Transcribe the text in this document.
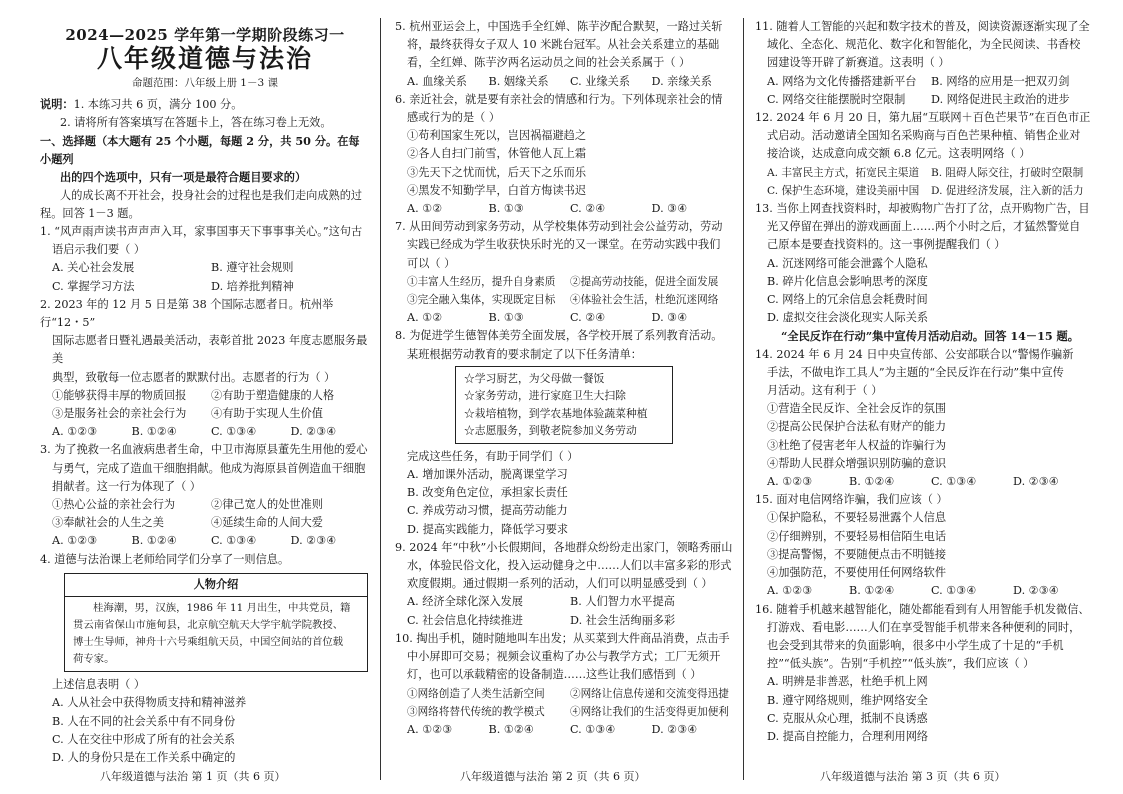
2024—2025 学年第一学期阶段练习一
八年级道德与法治
命题范围：八年级上册 1－3 课
说明：1. 本练习共 6 页，满分 100 分。
2. 请将所有答案填写在答题卡上，答在练习卷上无效。
一、选择题（本大题有 25 个小题，每题 2 分，共 50 分。在每小题列
出的四个选项中，只有一项是最符合题目要求的）
人的成长离不开社会，投身社会的过程也是我们走向成熟的过
程。回答 1－3 题。
1. “风声雨声读书声声声入耳，家事国事天下事事事关心。”这句古
语启示我们要（ ）
A. 关心社会发展	B. 遵守社会规则
C. 掌握学习方法	D. 培养批判精神
2. 2023 年的 12 月 5 日是第 38 个国际志愿者日。杭州举行“12・5”
国际志愿者日暨礼遇最美活动，表彰首批 2023 年度志愿服务最美
典型，致敬每一位志愿者的默默付出。志愿者的行为（ ）
①能够获得丰厚的物质回报	②有助于塑造健康的人格
③是服务社会的亲社会行为	④有助于实现人生价值
A. ①②③	B. ①②④	C. ①③④	D. ②③④
3. 为了挽救一名血液病患者生命，中卫市海原县董先生用他的爱心
与勇气，完成了造血干细胞捐献。他成为海原县首例造血干细胞
捐献者。这一行为体现了（ ）
①热心公益的亲社会行为	②律己宽人的处世准则
③奉献社会的人生之美	④延续生命的人间大爱
A. ①②③	B. ①②④	C. ①③④	D. ②③④
4. 道德与法治课上老师给同学们分享了一则信息。
人物介绍
桂海潮，男，汉族，1986 年 11 月出生，中共党员，籍
贯云南省保山市施甸县，北京航空航天大学宇航学院教授、
博士生导师，神舟十六号乘组航天员，中国空间站的首位载
荷专家。
上述信息表明（ ）
A. 人从社会中获得物质支持和精神滋养
B. 人在不同的社会关系中有不同身份
C. 人在交往中形成了所有的社会关系
D. 人的身份只是在工作关系中确定的
5. 杭州亚运会上，中国选手全红婵、陈芋汐配合默契，一路过关斩
将，最终获得女子双人 10 米跳台冠军。从社会关系建立的基础
看，全红婵、陈芋汐两名运动员之间的社会关系属于（ ）
A. 血缘关系	B. 姻缘关系	C. 业缘关系	D. 亲缘关系
6. 亲近社会，就是要有亲社会的情感和行为。下列体现亲社会的情
感或行为的是（ ）
①苟利国家生死以，岂因祸福避趋之
②各人自扫门前雪，休管他人瓦上霜
③先天下之忧而忧，后天下之乐而乐
④黑发不知勤学早，白首方悔读书迟
A. ①②	B. ①③	C. ②④	D. ③④
7. 从田间劳动到家务劳动，从学校集体劳动到社会公益劳动，劳动
实践已经成为学生收获快乐时光的又一课堂。在劳动实践中我们
可以（ ）
①丰富人生经历，提升自身素质	②提高劳动技能，促进全面发展
③完全融入集体，实现既定目标	④体验社会生活，杜绝沉迷网络
A. ①②	B. ①③	C. ②④	D. ③④
8. 为促进学生德智体美劳全面发展，各学校开展了系列教育活动。
某班根据劳动教育的要求制定了以下任务清单：
☆学习厨艺，为父母做一餐饭
☆家务劳动，进行家庭卫生大扫除
☆栽培植物，到学农基地体验蔬菜种植
☆志愿服务，到敬老院参加义务劳动
完成这些任务，有助于同学们（ ）
A. 增加课外活动，脱离课堂学习
B. 改变角色定位，承担家长责任
C. 养成劳动习惯，提高劳动能力
D. 提高实践能力，降低学习要求
9. 2024 年“中秋”小长假期间，各地群众纷纷走出家门，领略秀丽山
水，体验民俗文化，投入运动健身之中……人们以丰富多彩的形式
欢度假期。通过假期一系列的活动，人们可以明显感受到（ ）
A. 经济全球化深入发展	B. 人们智力水平提高
C. 社会信息化持续推进	D. 社会生活绚丽多彩
10. 掏出手机，随时随地叫车出发；从买菜到大件商品消费，点击手
中小屏即可交易；视频会议重构了办公与教学方式；工厂无须开
灯，也可以承载精密的设备制造……这些让我们感悟到（ ）
①网络创造了人类生活新空间	②网络让信息传递和交流变得迅捷
③网络将替代传统的教学模式	④网络让我们的生活变得更加便利
A. ①②③	B. ①②④	C. ①③④	D. ②③④
11. 随着人工智能的兴起和数字技术的普及，阅读资源逐渐实现了全
域化、全态化、规范化、数字化和智能化，为全民阅读、书香校
园建设等开辟了新赛道。这表明（ ）
A. 网络为文化传播搭建新平台	B. 网络的应用是一把双刃剑
C. 网络交往能摆脱时空限制	D. 网络促进民主政治的进步
12. 2024 年 6 月 20 日，第九届“互联网＋百色芒果节”在百色市正
式启动。活动邀请全国知名采购商与百色芒果种植、销售企业对
接洽谈，达成意向成交额 6.8 亿元。这表明网络（ ）
A. 丰富民主方式，拓宽民主渠道	B. 阻碍人际交往，打破时空限制
C. 保护生态环境，建设美丽中国	D. 促进经济发展，注入新的活力
13. 当你上网查找资料时，却被购物广告打了岔，点开购物广告，目
光又停留在弹出的游戏画面上……两个小时之后，才猛然警觉自
己原本是要查找资料的。这一事例提醒我们（ ）
A. 沉迷网络可能会泄露个人隐私
B. 碎片化信息会影响思考的深度
C. 网络上的冗余信息会耗费时间
D. 虚拟交往会淡化现实人际关系
“全民反诈在行动”集中宣传月活动启动。回答 14－15 题。
14. 2024 年 6 月 24 日中央宣传部、公安部联合以“警惕作骗新
手法，不做电诈工具人”为主题的“全民反诈在行动”集中宣传
月活动。这有利于（ ）
①营造全民反诈、全社会反诈的氛围
②提高公民保护合法私有财产的能力
③杜绝了侵害老年人权益的诈骗行为
④帮助人民群众增强识别防骗的意识
A. ①②③	B. ①②④	C. ①③④	D. ②③④
15. 面对电信网络诈骗，我们应该（ ）
①保护隐私，不要轻易泄露个人信息
②仔细辨别，不要轻易相信陌生电话
③提高警惕，不要随便点击不明链接
④加强防范，不要使用任何网络软件
A. ①②③	B. ①②④	C. ①③④	D. ②③④
16. 随着手机越来越智能化，随处都能看到有人用智能手机发微信、
打游戏、看电影……人们在享受智能手机带来各种便利的同时，
也会受到其带来的负面影响，很多中小学生成了十足的“手机
控”“低头族”。告别“手机控”“低头族”，我们应该（ ）
A. 明辨是非善恶，杜绝手机上网
B. 遵守网络规则，维护网络安全
C. 克服从众心理，抵制不良诱惑
D. 提高自控能力，合理利用网络
八年级道德与法治 第 1 页（共 6 页）	八年级道德与法治 第 2 页（共 6 页）	八年级道德与法治 第 3 页（共 6 页）
